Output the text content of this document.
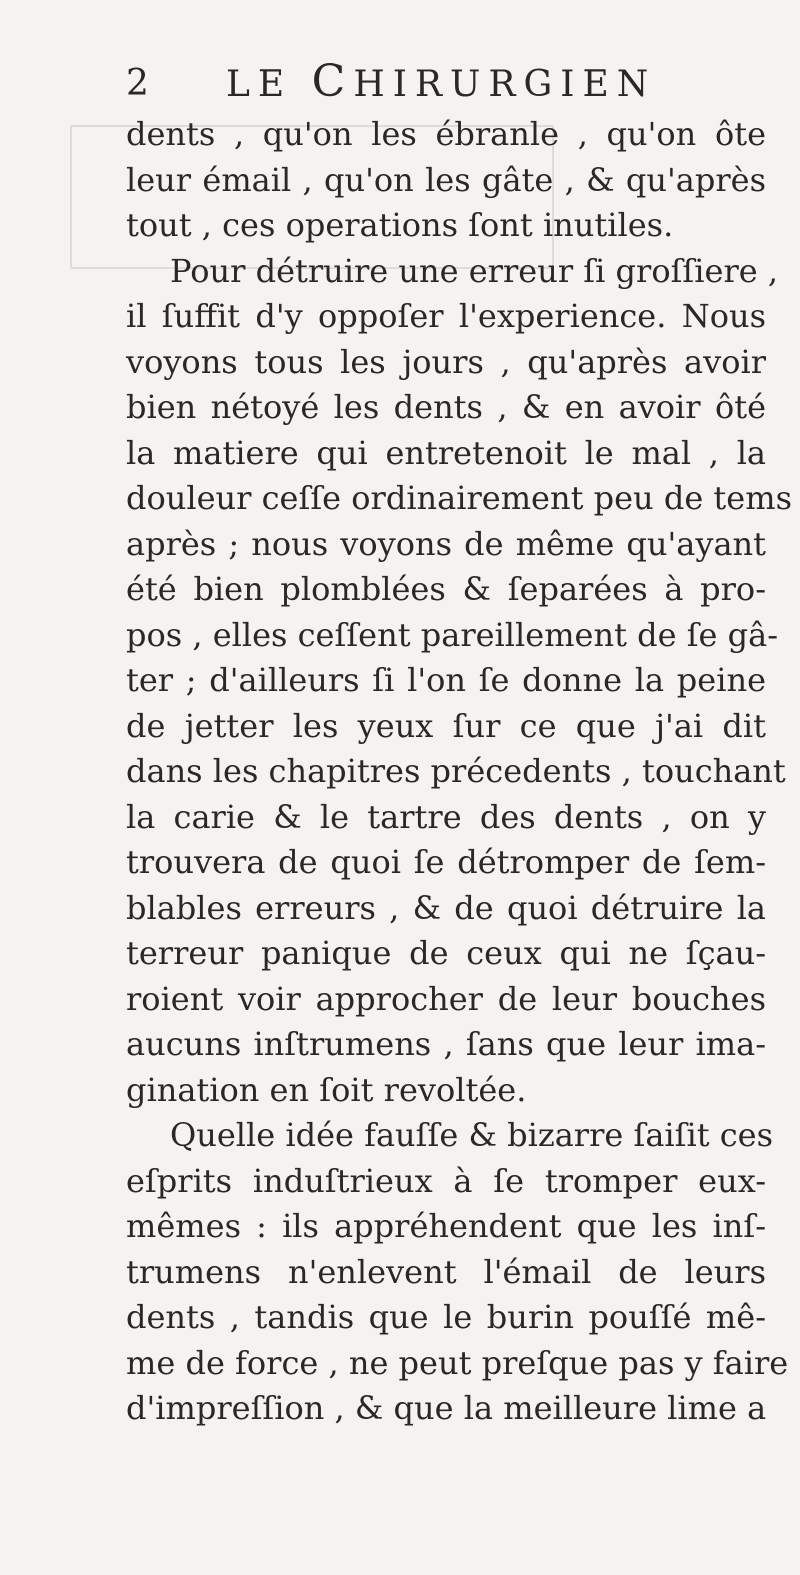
2 LE CHIRURGIEN
dents , qu'on les ébranle , qu'on ôte
leur émail , qu'on les gâte , & qu'après
tout , ces operations ſont inutiles.
Pour détruire une erreur ſi groſſiere ,
il ſuffit d'y oppoſer l'experience. Nous
voyons tous les jours , qu'après avoir
bien nétoyé les dents , & en avoir ôté
la matiere qui entretenoit le mal , la
douleur ceſſe ordinairement peu de tems
après ; nous voyons de même qu'ayant
été bien plomblées & ſeparées à pro-
pos , elles ceſſent pareillement de ſe gâ-
ter ; d'ailleurs ſi l'on ſe donne la peine
de jetter les yeux ſur ce que j'ai dit
dans les chapitres précedents , touchant
la carie & le tartre des dents , on y
trouvera de quoi ſe détromper de ſem-
blables erreurs , & de quoi détruire la
terreur panique de ceux qui ne ſçau-
roient voir approcher de leur bouches
aucuns inſtrumens , ſans que leur ima-
gination en ſoit revoltée.
Quelle idée fauſſe & bizarre ſaiſit ces
eſprits induſtrieux à ſe tromper eux-
mêmes : ils appréhendent que les inſ-
trumens n'enlevent l'émail de leurs
dents , tandis que le burin pouſſé mê-
me de force , ne peut preſque pas y faire
d'impreſſion , & que la meilleure lime a
